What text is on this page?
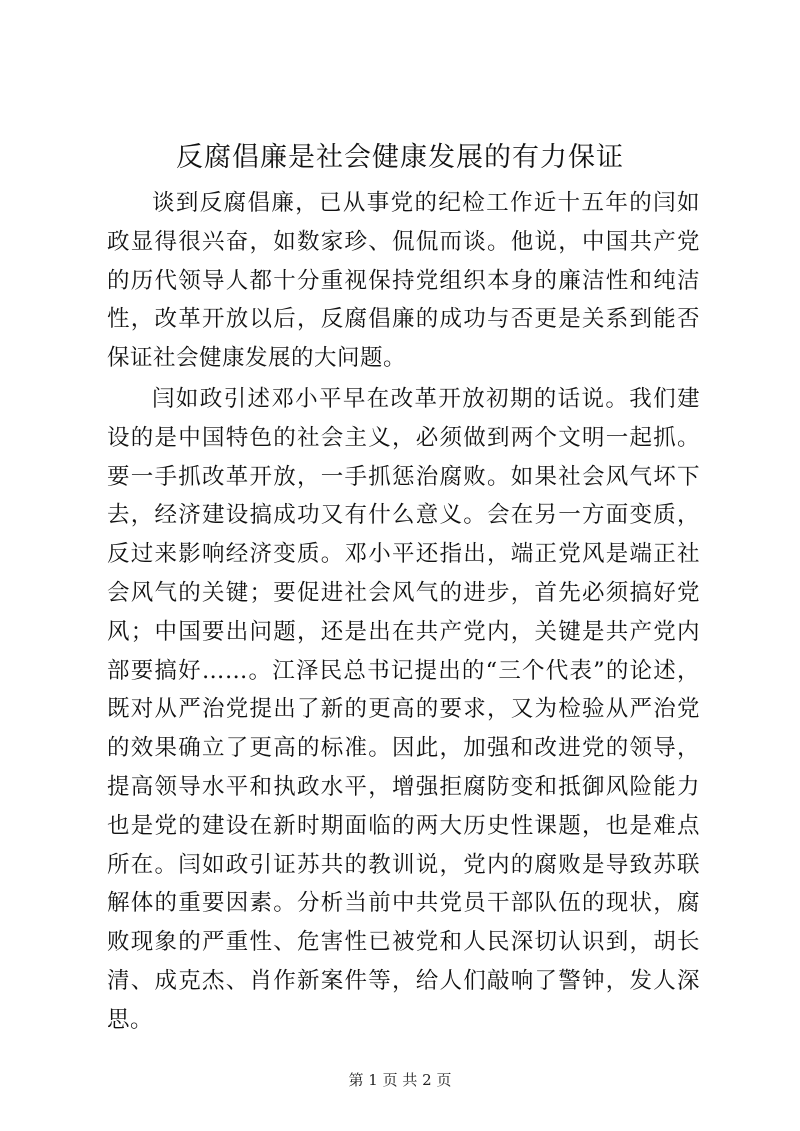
反腐倡廉是社会健康发展的有力保证

谈到反腐倡廉，已从事党的纪检工作近十五年的闫如政显得很兴奋，如数家珍、侃侃而谈。他说，中国共产党的历代领导人都十分重视保持党组织本身的廉洁性和纯洁性，改革开放以后，反腐倡廉的成功与否更是关系到能否保证社会健康发展的大问题。

闫如政引述邓小平早在改革开放初期的话说。我们建设的是中国特色的社会主义，必须做到两个文明一起抓。要一手抓改革开放，一手抓惩治腐败。如果社会风气坏下去，经济建设搞成功又有什么意义。会在另一方面变质，反过来影响经济变质。邓小平还指出，端正党风是端正社会风气的关键；要促进社会风气的进步，首先必须搞好党风；中国要出问题，还是出在共产党内，关键是共产党内部要搞好……。江泽民总书记提出的“三个代表”的论述，既对从严治党提出了新的更高的要求，又为检验从严治党的效果确立了更高的标准。因此，加强和改进党的领导，提高领导水平和执政水平，增强拒腐防变和抵御风险能力也是党的建设在新时期面临的两大历史性课题，也是难点所在。闫如政引证苏共的教训说，党内的腐败是导致苏联解体的重要因素。分析当前中共党员干部队伍的现状，腐败现象的严重性、危害性已被党和人民深切认识到，胡长清、成克杰、肖作新案件等，给人们敲响了警钟，发人深思。

第 1 页 共 2 页
